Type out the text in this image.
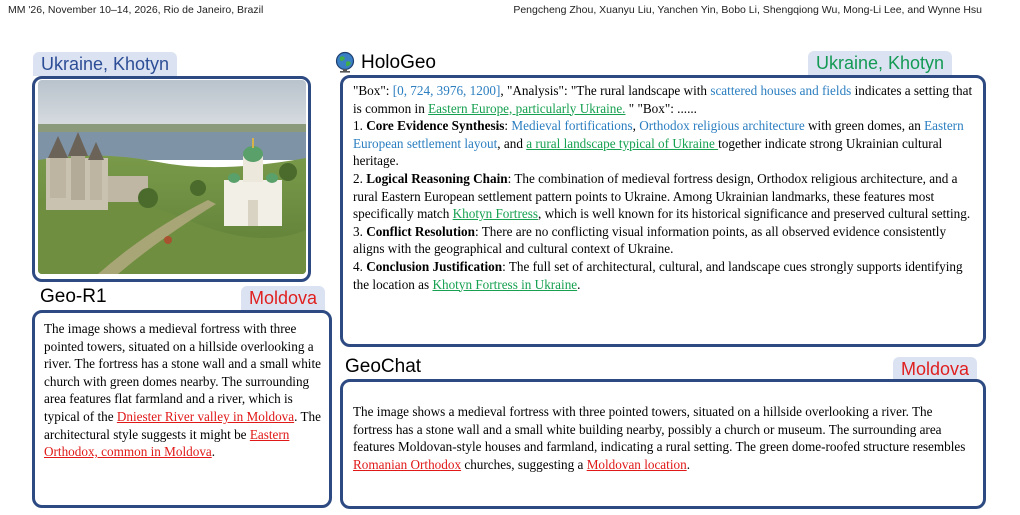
MM '26, November 10–14, 2026, Rio de Janeiro, Brazil	Pengcheng Zhou, Xuanyu Liu, Yanchen Yin, Bobo Li, Shengqiong Wu, Mong-Li Lee, and Wynne Hsu
Ukraine, Khotyn
Geo-R1	Moldova
The image shows a medieval fortress with three pointed towers, situated on a hillside overlooking a river. The fortress has a stone wall and a small white church with green domes nearby. The surrounding area features flat farmland and a river, which is typical of the Dniester River valley in Moldova. The architectural style suggests it might be Eastern Orthodox, common in Moldova.
HoloGeo	Ukraine, Khotyn
"Box": [0, 724, 3976, 1200], "Analysis": "The rural landscape with scattered houses and fields indicates a setting that is common in Eastern Europe, particularly Ukraine. " "Box": ......
1. Core Evidence Synthesis: Medieval fortifications, Orthodox religious architecture with green domes, an Eastern European settlement layout, and a rural landscape typical of Ukraine together indicate strong Ukrainian cultural heritage.
2. Logical Reasoning Chain: The combination of medieval fortress design, Orthodox religious architecture, and a rural Eastern European settlement pattern points to Ukraine. Among Ukrainian landmarks, these features most specifically match Khotyn Fortress, which is well known for its historical significance and preserved cultural setting.
3. Conflict Resolution: There are no conflicting visual information points, as all observed evidence consistently aligns with the geographical and cultural context of Ukraine.
4. Conclusion Justification: The full set of architectural, cultural, and landscape cues strongly supports identifying the location as Khotyn Fortress in Ukraine.
GeoChat	Moldova
The image shows a medieval fortress with three pointed towers, situated on a hillside overlooking a river. The fortress has a stone wall and a small white building nearby, possibly a church or museum. The surrounding area features Moldovan-style houses and farmland, indicating a rural setting. The green dome-roofed structure resembles Romanian Orthodox churches, suggesting a Moldovan location.
